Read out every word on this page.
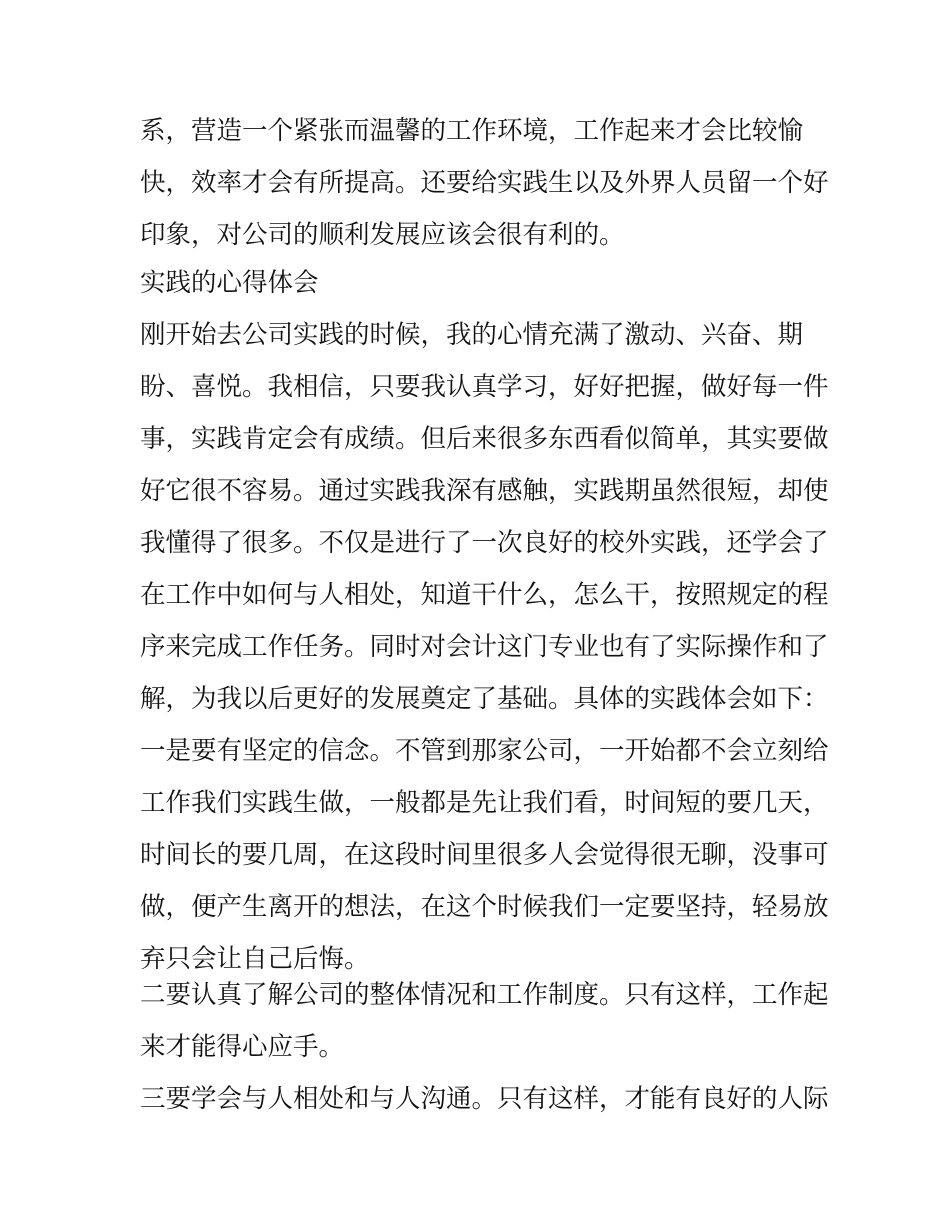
系，营造一个紧张而温馨的工作环境，工作起来才会比较愉

快，效率才会有所提高。还要给实践生以及外界人员留一个好

印象，对公司的顺利发展应该会很有利的。

实践的心得体会

刚开始去公司实践的时候，我的心情充满了激动、兴奋、期

盼、喜悦。我相信，只要我认真学习，好好把握，做好每一件

事，实践肯定会有成绩。但后来很多东西看似简单，其实要做

好它很不容易。通过实践我深有感触，实践期虽然很短，却使

我懂得了很多。不仅是进行了一次良好的校外实践，还学会了

在工作中如何与人相处，知道干什么，怎么干，按照规定的程

序来完成工作任务。同时对会计这门专业也有了实际操作和了

解，为我以后更好的发展奠定了基础。具体的实践体会如下：

一是要有坚定的信念。不管到那家公司，一开始都不会立刻给

工作我们实践生做，一般都是先让我们看，时间短的要几天，

时间长的要几周，在这段时间里很多人会觉得很无聊，没事可

做，便产生离开的想法，在这个时候我们一定要坚持，轻易放

弃只会让自己后悔。

二要认真了解公司的整体情况和工作制度。只有这样，工作起

来才能得心应手。

三要学会与人相处和与人沟通。只有这样，才能有良好的人际
